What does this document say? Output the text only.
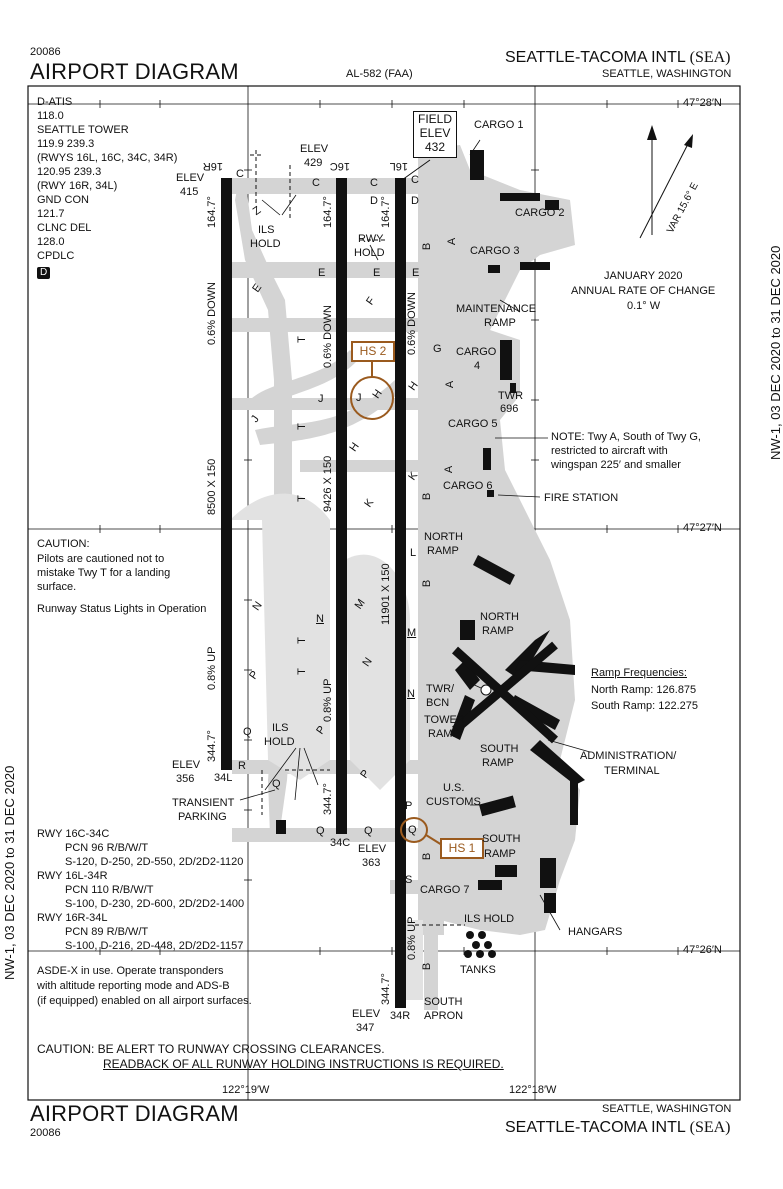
20086
AIRPORT DIAGRAM	AL-582 (FAA)
SEATTLE-TACOMA INTL (SEA)
SEATTLE, WASHINGTON
AIRPORT DIAGRAM
20086
SEATTLE, WASHINGTON
SEATTLE-TACOMA INTL (SEA)
NW-1, 03 DEC 2020 to 31 DEC 2020
NW-1, 03 DEC 2020 to 31 DEC 2020
D-ATIS
118.0
SEATTLE TOWER
119.9 239.3
(RWYS 16L, 16C, 34C, 34R)
120.95 239.3
(RWY 16R, 34L)
GND CON
121.7
CLNC DEL
128.0
CPDLC
D
47°28′N
47°27′N
47°26′N
122°19′W	122°18′W
FIELD
ELEV
432
VAR 15.6° E
JANUARY 2020
ANNUAL RATE OF CHANGE
0.1° W
16R	16C	16L
34L
34C
34R
164.7°	164.7°	164.7°
0.6% DOWN	0.6% DOWN	0.6% DOWN
8500 X 150	9426 X 150
11901 X 150
0.8% UP
0.8% UP
0.8% UP
344.7°
344.7°
344.7°
ELEV
415
ELEV
429
ELEV
356
ELEV
363
ELEV
347
HS 2
HS 1
CARGO 1
CARGO 2
CARGO 3
MAINTENANCE
RAMP
CARGO
4
TWR
696
CARGO 5
CARGO 6
FIRE STATION
NORTH
RAMP
NORTH
RAMP
TWR/
BCN
TOWER
RAMP
SOUTH
RAMP
ADMINISTRATION/
TERMINAL
U.S.
CUSTOMS
SOUTH
RAMP
CARGO 7
ILS HOLD
HANGARS
TANKS
SOUTH
APRON
TRANSIENT
PARKING
ILS
HOLD
ILS
HOLD	RWY
HOLD
C
C	C	C
D	D
Z
A
B
E	E	E
E
F
T
G
A
H
H
J
J
J
T
H
A
K
B
T	K
L
B
M
N
N
M
T
N
P	T
N
P
Q
R
P
Q
P
Q	Q	Q
B
S
B
NOTE: Twy A, South of Twy G,
restricted to aircraft with
wingspan 225′ and smaller
Ramp Frequencies:
North Ramp: 126.875
South Ramp: 122.275
CAUTION:
Pilots are cautioned not to
mistake Twy T for a landing
surface.
Runway Status Lights in Operation
RWY 16C-34C
PCN 96 R/B/W/T
S-120, D-250, 2D-550, 2D/2D2-1120
RWY 16L-34R
PCN 110 R/B/W/T
S-100, D-230, 2D-600, 2D/2D2-1400
RWY 16R-34L
PCN 89 R/B/W/T
S-100, D-216, 2D-448, 2D/2D2-1157
ASDE-X in use. Operate transponders
with altitude reporting mode and ADS-B
(if equipped) enabled on all airport surfaces.
CAUTION: BE ALERT TO RUNWAY CROSSING CLEARANCES.
READBACK OF ALL RUNWAY HOLDING INSTRUCTIONS IS REQUIRED.
